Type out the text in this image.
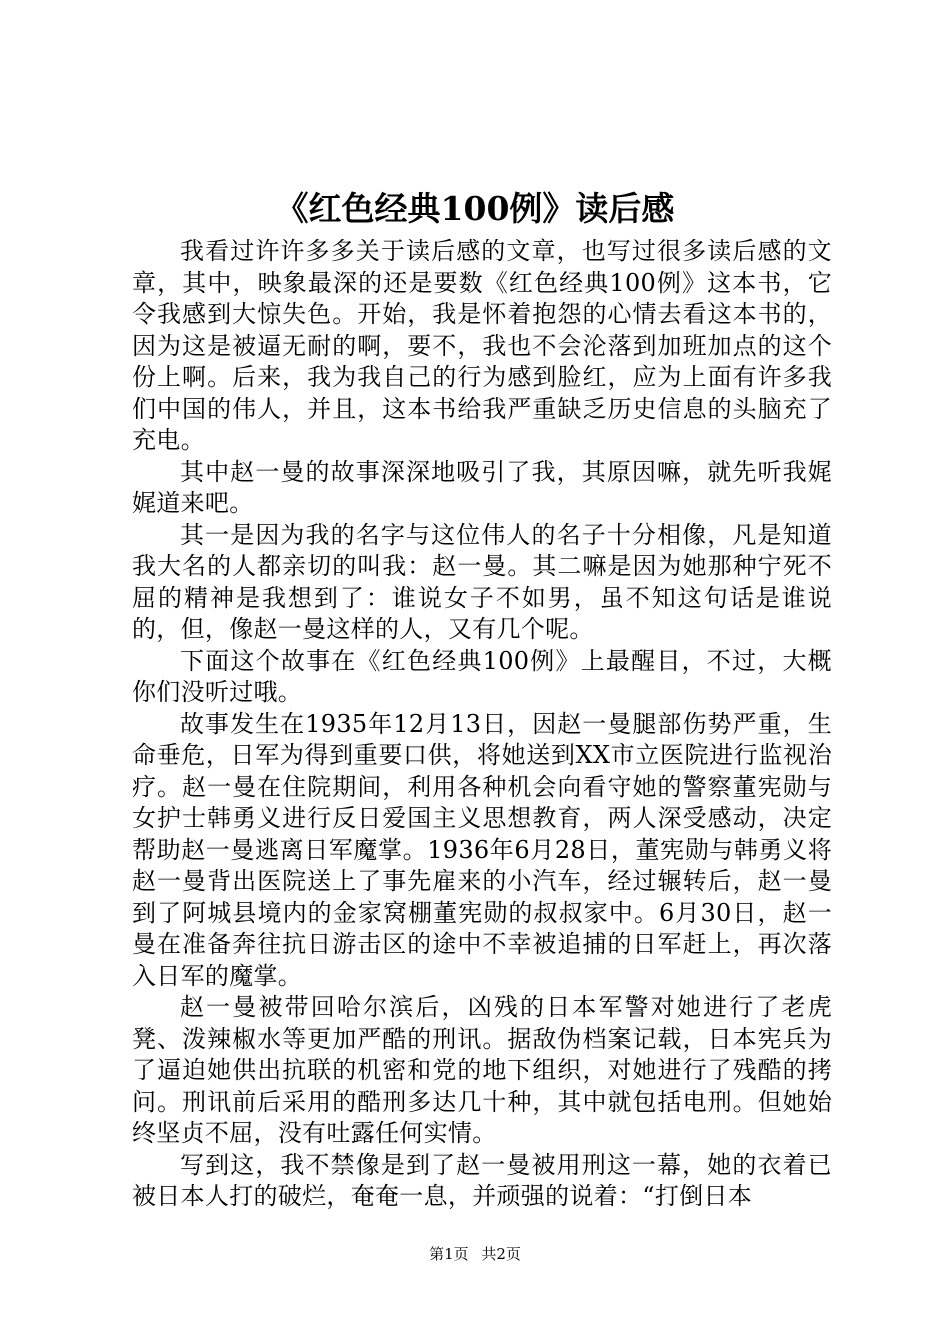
《红色经典100例》读后感

我看过许许多多关于读后感的文章，也写过很多读后感的文章，其中，映象最深的还是要数《红色经典100例》这本书，它令我感到大惊失色。开始，我是怀着抱怨的心情去看这本书的，因为这是被逼无耐的啊，要不，我也不会沦落到加班加点的这个份上啊。后来，我为我自己的行为感到脸红，应为上面有许多我们中国的伟人，并且，这本书给我严重缺乏历史信息的头脑充了充电。

其中赵一曼的故事深深地吸引了我，其原因嘛，就先听我娓娓道来吧。

其一是因为我的名字与这位伟人的名子十分相像，凡是知道我大名的人都亲切的叫我：赵一曼。其二嘛是因为她那种宁死不屈的精神是我想到了：谁说女子不如男，虽不知这句话是谁说的，但，像赵一曼这样的人，又有几个呢。

下面这个故事在《红色经典100例》上最醒目，不过，大概你们没听过哦。

故事发生在1935年12月13日，因赵一曼腿部伤势严重，生命垂危，日军为得到重要口供，将她送到XX市立医院进行监视治疗。赵一曼在住院期间，利用各种机会向看守她的警察董宪勋与女护士韩勇义进行反日爱国主义思想教育，两人深受感动，决定帮助赵一曼逃离日军魔掌。1936年6月28日，董宪勋与韩勇义将赵一曼背出医院送上了事先雇来的小汽车，经过辗转后，赵一曼到了阿城县境内的金家窝棚董宪勋的叔叔家中。6月30日，赵一曼在准备奔往抗日游击区的途中不幸被追捕的日军赶上，再次落入日军的魔掌。

赵一曼被带回哈尔滨后，凶残的日本军警对她进行了老虎凳、泼辣椒水等更加严酷的刑讯。据敌伪档案记载，日本宪兵为了逼迫她供出抗联的机密和党的地下组织，对她进行了残酷的拷问。刑讯前后采用的酷刑多达几十种，其中就包括电刑。但她始终坚贞不屈，没有吐露任何实情。

写到这，我不禁像是到了赵一曼被用刑这一幕，她的衣着已被日本人打的破烂，奄奄一息，并顽强的说着：“打倒日本

第1页 共2页
